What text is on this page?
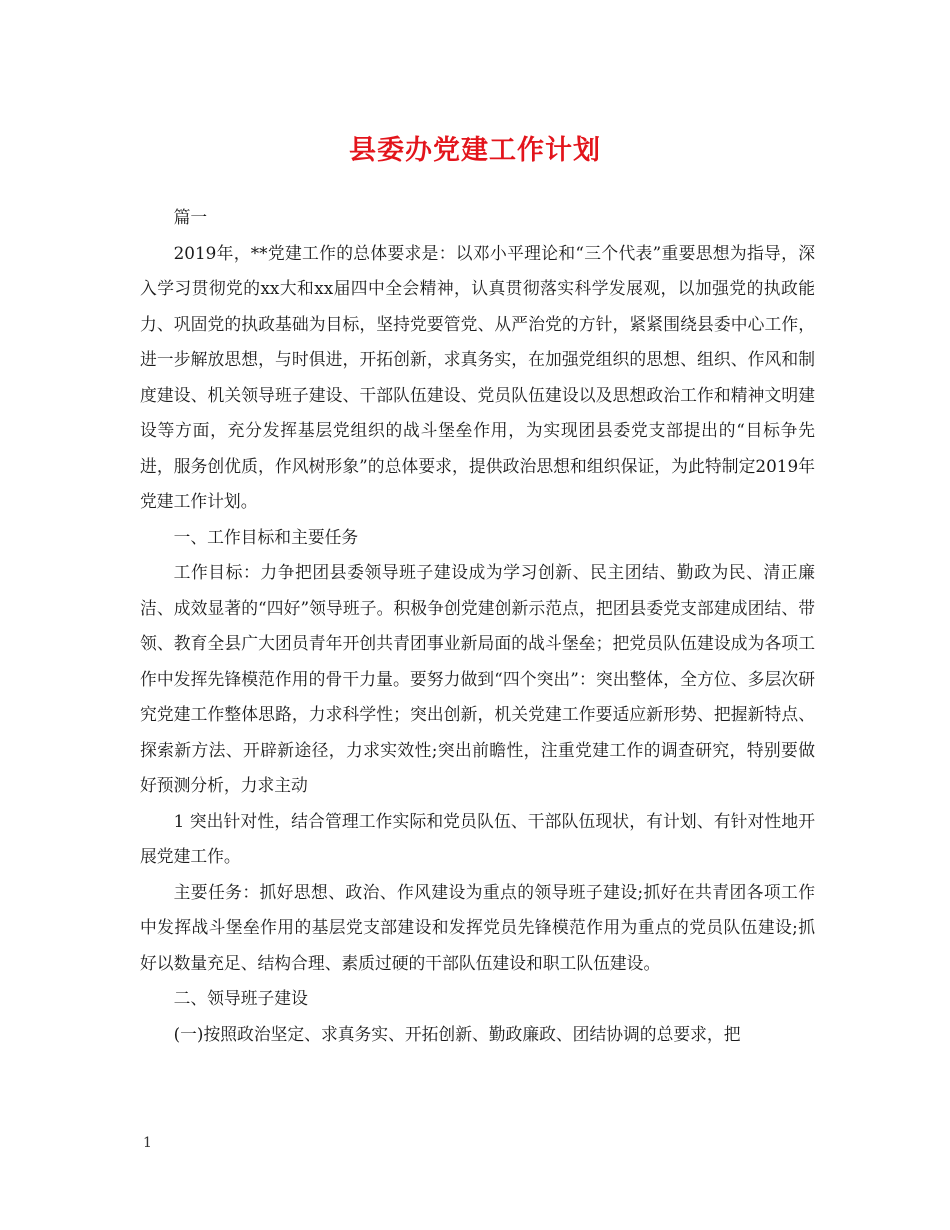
县委办党建工作计划

篇一

2019年，**党建工作的总体要求是：以邓小平理论和“三个代表”重要思想为指导，深入学习贯彻党的xx大和xx届四中全会精神，认真贯彻落实科学发展观，以加强党的执政能力、巩固党的执政基础为目标，坚持党要管党、从严治党的方针，紧紧围绕县委中心工作，进一步解放思想，与时俱进，开拓创新，求真务实，在加强党组织的思想、组织、作风和制度建设、机关领导班子建设、干部队伍建设、党员队伍建设以及思想政治工作和精神文明建设等方面，充分发挥基层党组织的战斗堡垒作用，为实现团县委党支部提出的“目标争先进，服务创优质，作风树形象”的总体要求，提供政治思想和组织保证，为此特制定2019年党建工作计划。

一、工作目标和主要任务

工作目标：力争把团县委领导班子建设成为学习创新、民主团结、勤政为民、清正廉洁、成效显著的“四好”领导班子。积极争创党建创新示范点，把团县委党支部建成团结、带领、教育全县广大团员青年开创共青团事业新局面的战斗堡垒；把党员队伍建设成为各项工作中发挥先锋模范作用的骨干力量。要努力做到“四个突出”：突出整体，全方位、多层次研究党建工作整体思路，力求科学性；突出创新，机关党建工作要适应新形势、把握新特点、探索新方法、开辟新途径，力求实效性;突出前瞻性，注重党建工作的调查研究，特别要做好预测分析，力求主动

1 突出针对性，结合管理工作实际和党员队伍、干部队伍现状，有计划、有针对性地开展党建工作。

主要任务：抓好思想、政治、作风建设为重点的领导班子建设;抓好在共青团各项工作中发挥战斗堡垒作用的基层党支部建设和发挥党员先锋模范作用为重点的党员队伍建设;抓好以数量充足、结构合理、素质过硬的干部队伍建设和职工队伍建设。

二、领导班子建设

(一)按照政治坚定、求真务实、开拓创新、勤政廉政、团结协调的总要求，把

1
